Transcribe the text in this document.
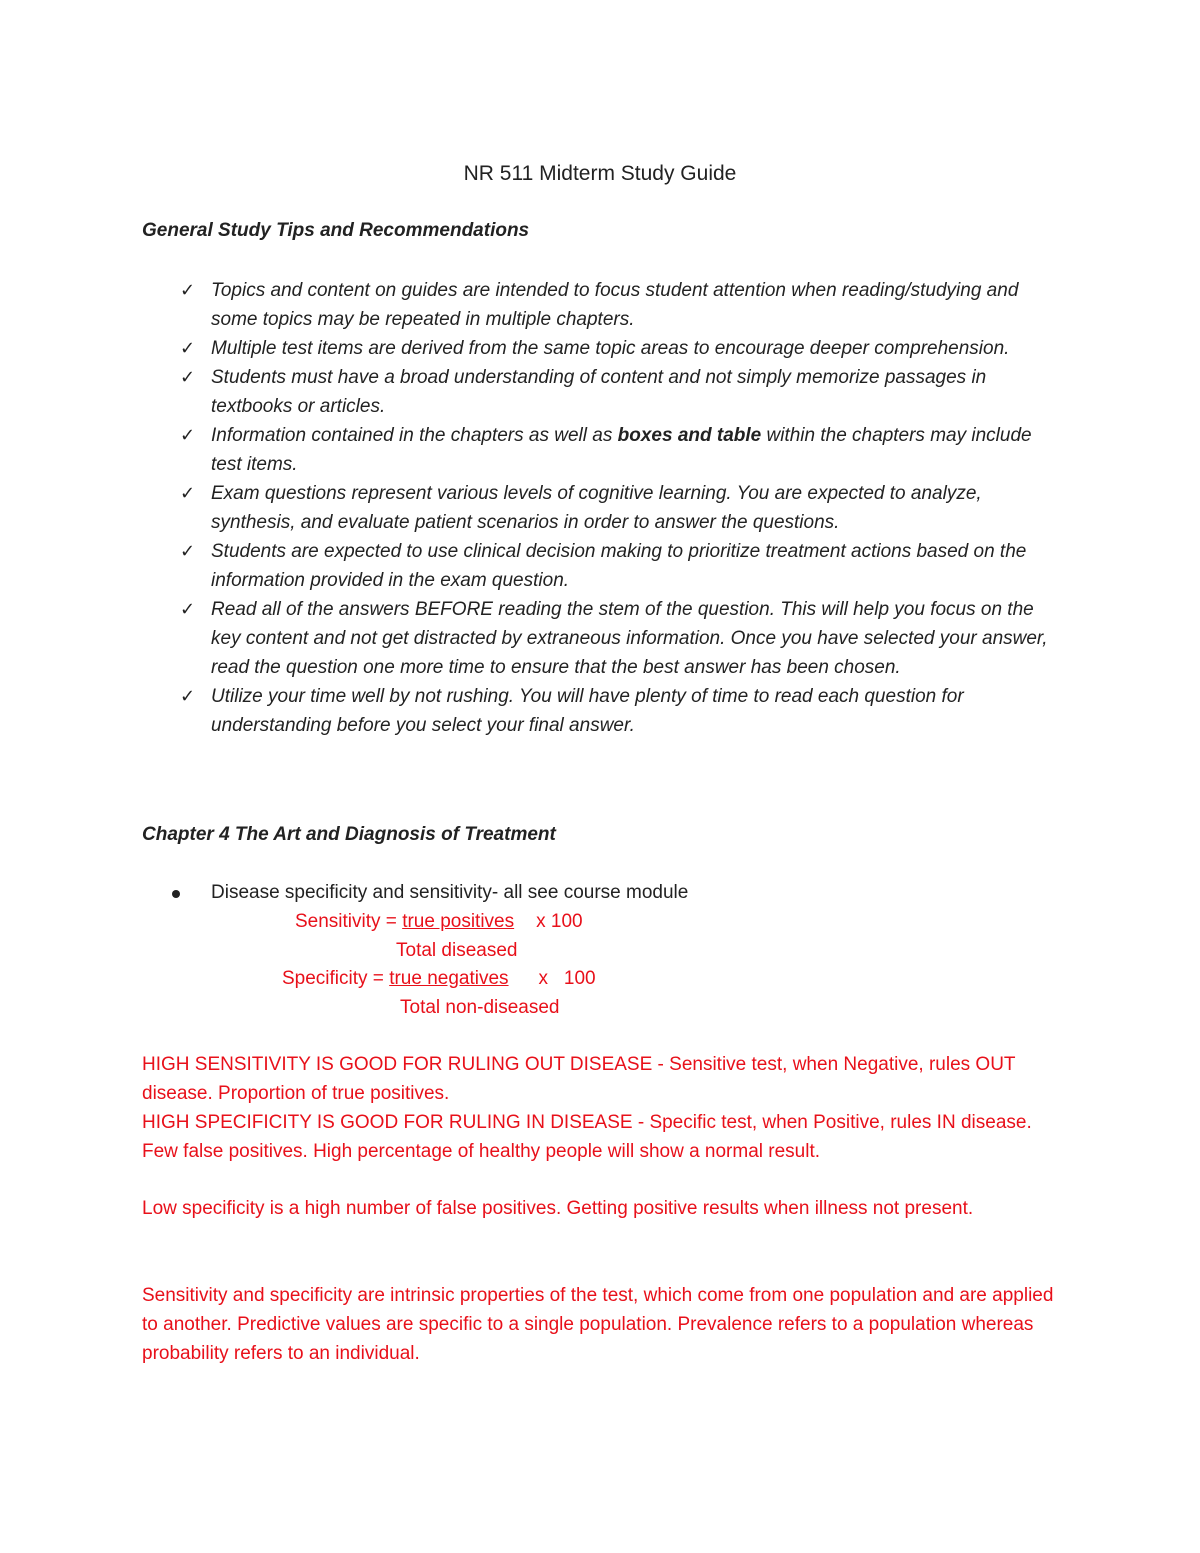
NR 511 Midterm Study Guide
General Study Tips and Recommendations
✓ Topics and content on guides are intended to focus student attention when reading/studying and some topics may be repeated in multiple chapters.
✓ Multiple test items are derived from the same topic areas to encourage deeper comprehension.
✓ Students must have a broad understanding of content and not simply memorize passages in textbooks or articles.
✓ Information contained in the chapters as well as boxes and table within the chapters may include test items.
✓ Exam questions represent various levels of cognitive learning. You are expected to analyze, synthesis, and evaluate patient scenarios in order to answer the questions.
✓ Students are expected to use clinical decision making to prioritize treatment actions based on the information provided in the exam question.
✓ Read all of the answers BEFORE reading the stem of the question. This will help you focus on the key content and not get distracted by extraneous information. Once you have selected your answer, read the question one more time to ensure that the best answer has been chosen.
✓ Utilize your time well by not rushing. You will have plenty of time to read each question for understanding before you select your final answer.
Chapter 4 The Art and Diagnosis of Treatment
Disease specificity and sensitivity- all see course module
Sensitivity = true positives x 100
Total diseased
Specificity = true negatives x   100
Total non-diseased

HIGH SENSITIVITY IS GOOD FOR RULING OUT DISEASE - Sensitive test, when Negative, rules OUT disease. Proportion of true positives.

HIGH SPECIFICITY IS GOOD FOR RULING IN DISEASE - Specific test, when Positive, rules IN disease. Few false positives. High percentage of healthy people will show a normal result.

Low specificity is a high number of false positives. Getting positive results when illness not present.
Sensitivity and specificity are intrinsic properties of the test, which come from one population and are applied to another. Predictive values are specific to a single population. Prevalence refers to a population whereas probability refers to an individual.
